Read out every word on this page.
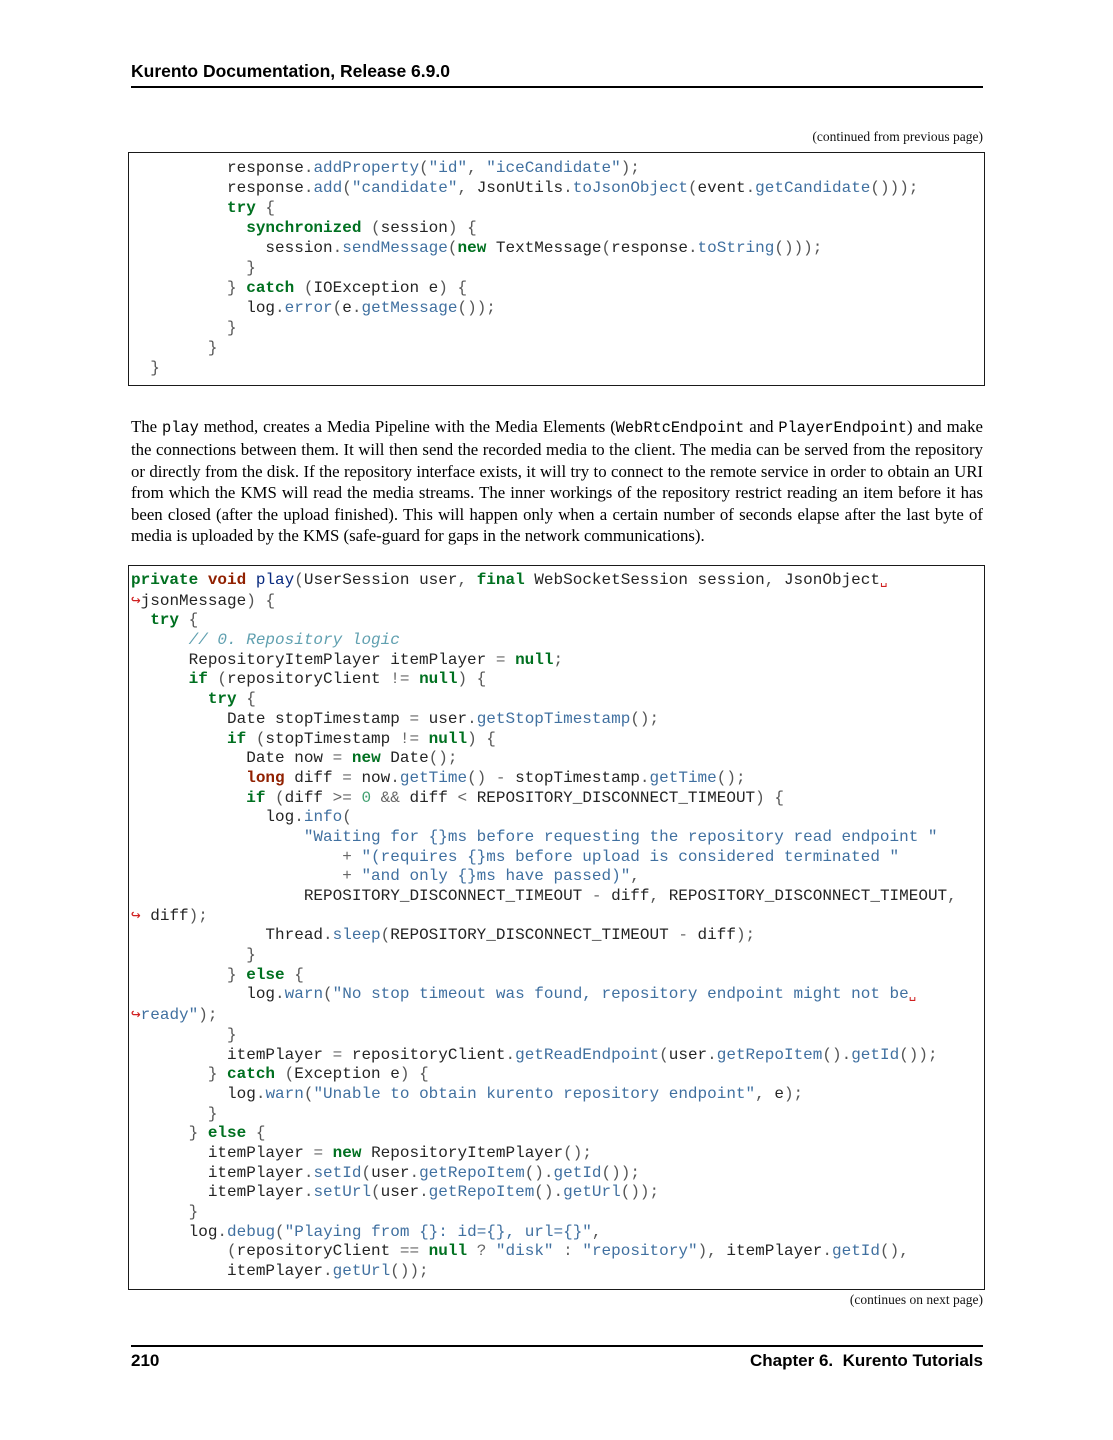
Kurento Documentation, Release 6.9.0
(continued from previous page)
response.addProperty("id", "iceCandidate");
response.add("candidate", JsonUtils.toJsonObject(event.getCandidate()));
try {
synchronized (session) {
session.sendMessage(new TextMessage(response.toString()));
}
} catch (IOException e) {
log.error(e.getMessage());
}
}
}

The play method, creates a Media Pipeline with the Media Elements (WebRtcEndpoint and PlayerEndpoint) and make the connections between them. It will then send the recorded media to the client. The media can be served from the repository or directly from the disk. If the repository interface exists, it will try to connect to the remote service in order to obtain an URI from which the KMS will read the media streams. The inner workings of the repository restrict reading an item before it has been closed (after the upload finished). This will happen only when a certain number of seconds elapse after the last byte of media is uploaded by the KMS (safe-guard for gaps in the network communications).

private void play(UserSession user, final WebSocketSession session, JsonObject␣
↪jsonMessage) {
try {
// 0. Repository logic
RepositoryItemPlayer itemPlayer = null;
if (repositoryClient != null) {
try {
Date stopTimestamp = user.getStopTimestamp();
if (stopTimestamp != null) {
Date now = new Date();
long diff = now.getTime() - stopTimestamp.getTime();
if (diff >= 0 && diff < REPOSITORY_DISCONNECT_TIMEOUT) {
log.info(
"Waiting for {}ms before requesting the repository read endpoint "
+ "(requires {}ms before upload is considered terminated "
+ "and only {}ms have passed)",
REPOSITORY_DISCONNECT_TIMEOUT - diff, REPOSITORY_DISCONNECT_TIMEOUT,
↪ diff);
Thread.sleep(REPOSITORY_DISCONNECT_TIMEOUT - diff);
}
} else {
log.warn("No stop timeout was found, repository endpoint might not be␣
↪ready");
}
itemPlayer = repositoryClient.getReadEndpoint(user.getRepoItem().getId());
} catch (Exception e) {
log.warn("Unable to obtain kurento repository endpoint", e);
}
} else {
itemPlayer = new RepositoryItemPlayer();
itemPlayer.setId(user.getRepoItem().getId());
itemPlayer.setUrl(user.getRepoItem().getUrl());
}
log.debug("Playing from {}: id={}, url={}",
(repositoryClient == null ? "disk" : "repository"), itemPlayer.getId(),
itemPlayer.getUrl());
(continues on next page)
210	Chapter 6.  Kurento Tutorials
